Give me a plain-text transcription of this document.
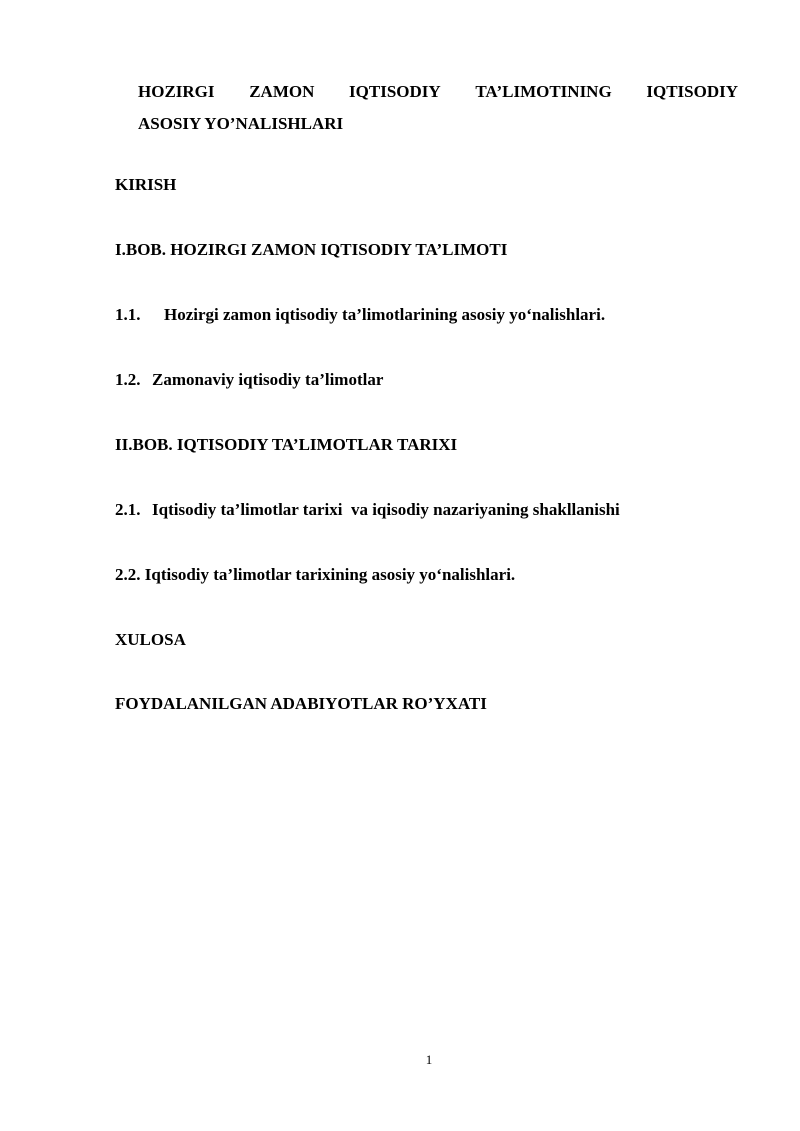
HOZIRGI ZAMON IQTISODIY TA’LIMOTINING IQTISODIY
ASOSIY YO’NALISHLARI
KIRISH
I.BOB. HOZIRGI ZAMON IQTISODIY TA’LIMOTI
1.1. Hozirgi zamon iqtisodiy ta’limotlarining asosiy yo‘nalishlari.
1.2. Zamonaviy iqtisodiy ta’limotlar
II.BOB. IQTISODIY TA’LIMOTLAR TARIXI
2.1. Iqtisodiy ta’limotlar tarixi  va iqisodiy nazariyaning shakllanishi
2.2. Iqtisodiy ta’limotlar tarixining asosiy yo‘nalishlari.
XULOSA
FOYDALANILGAN ADABIYOTLAR RO’YXATI
1
